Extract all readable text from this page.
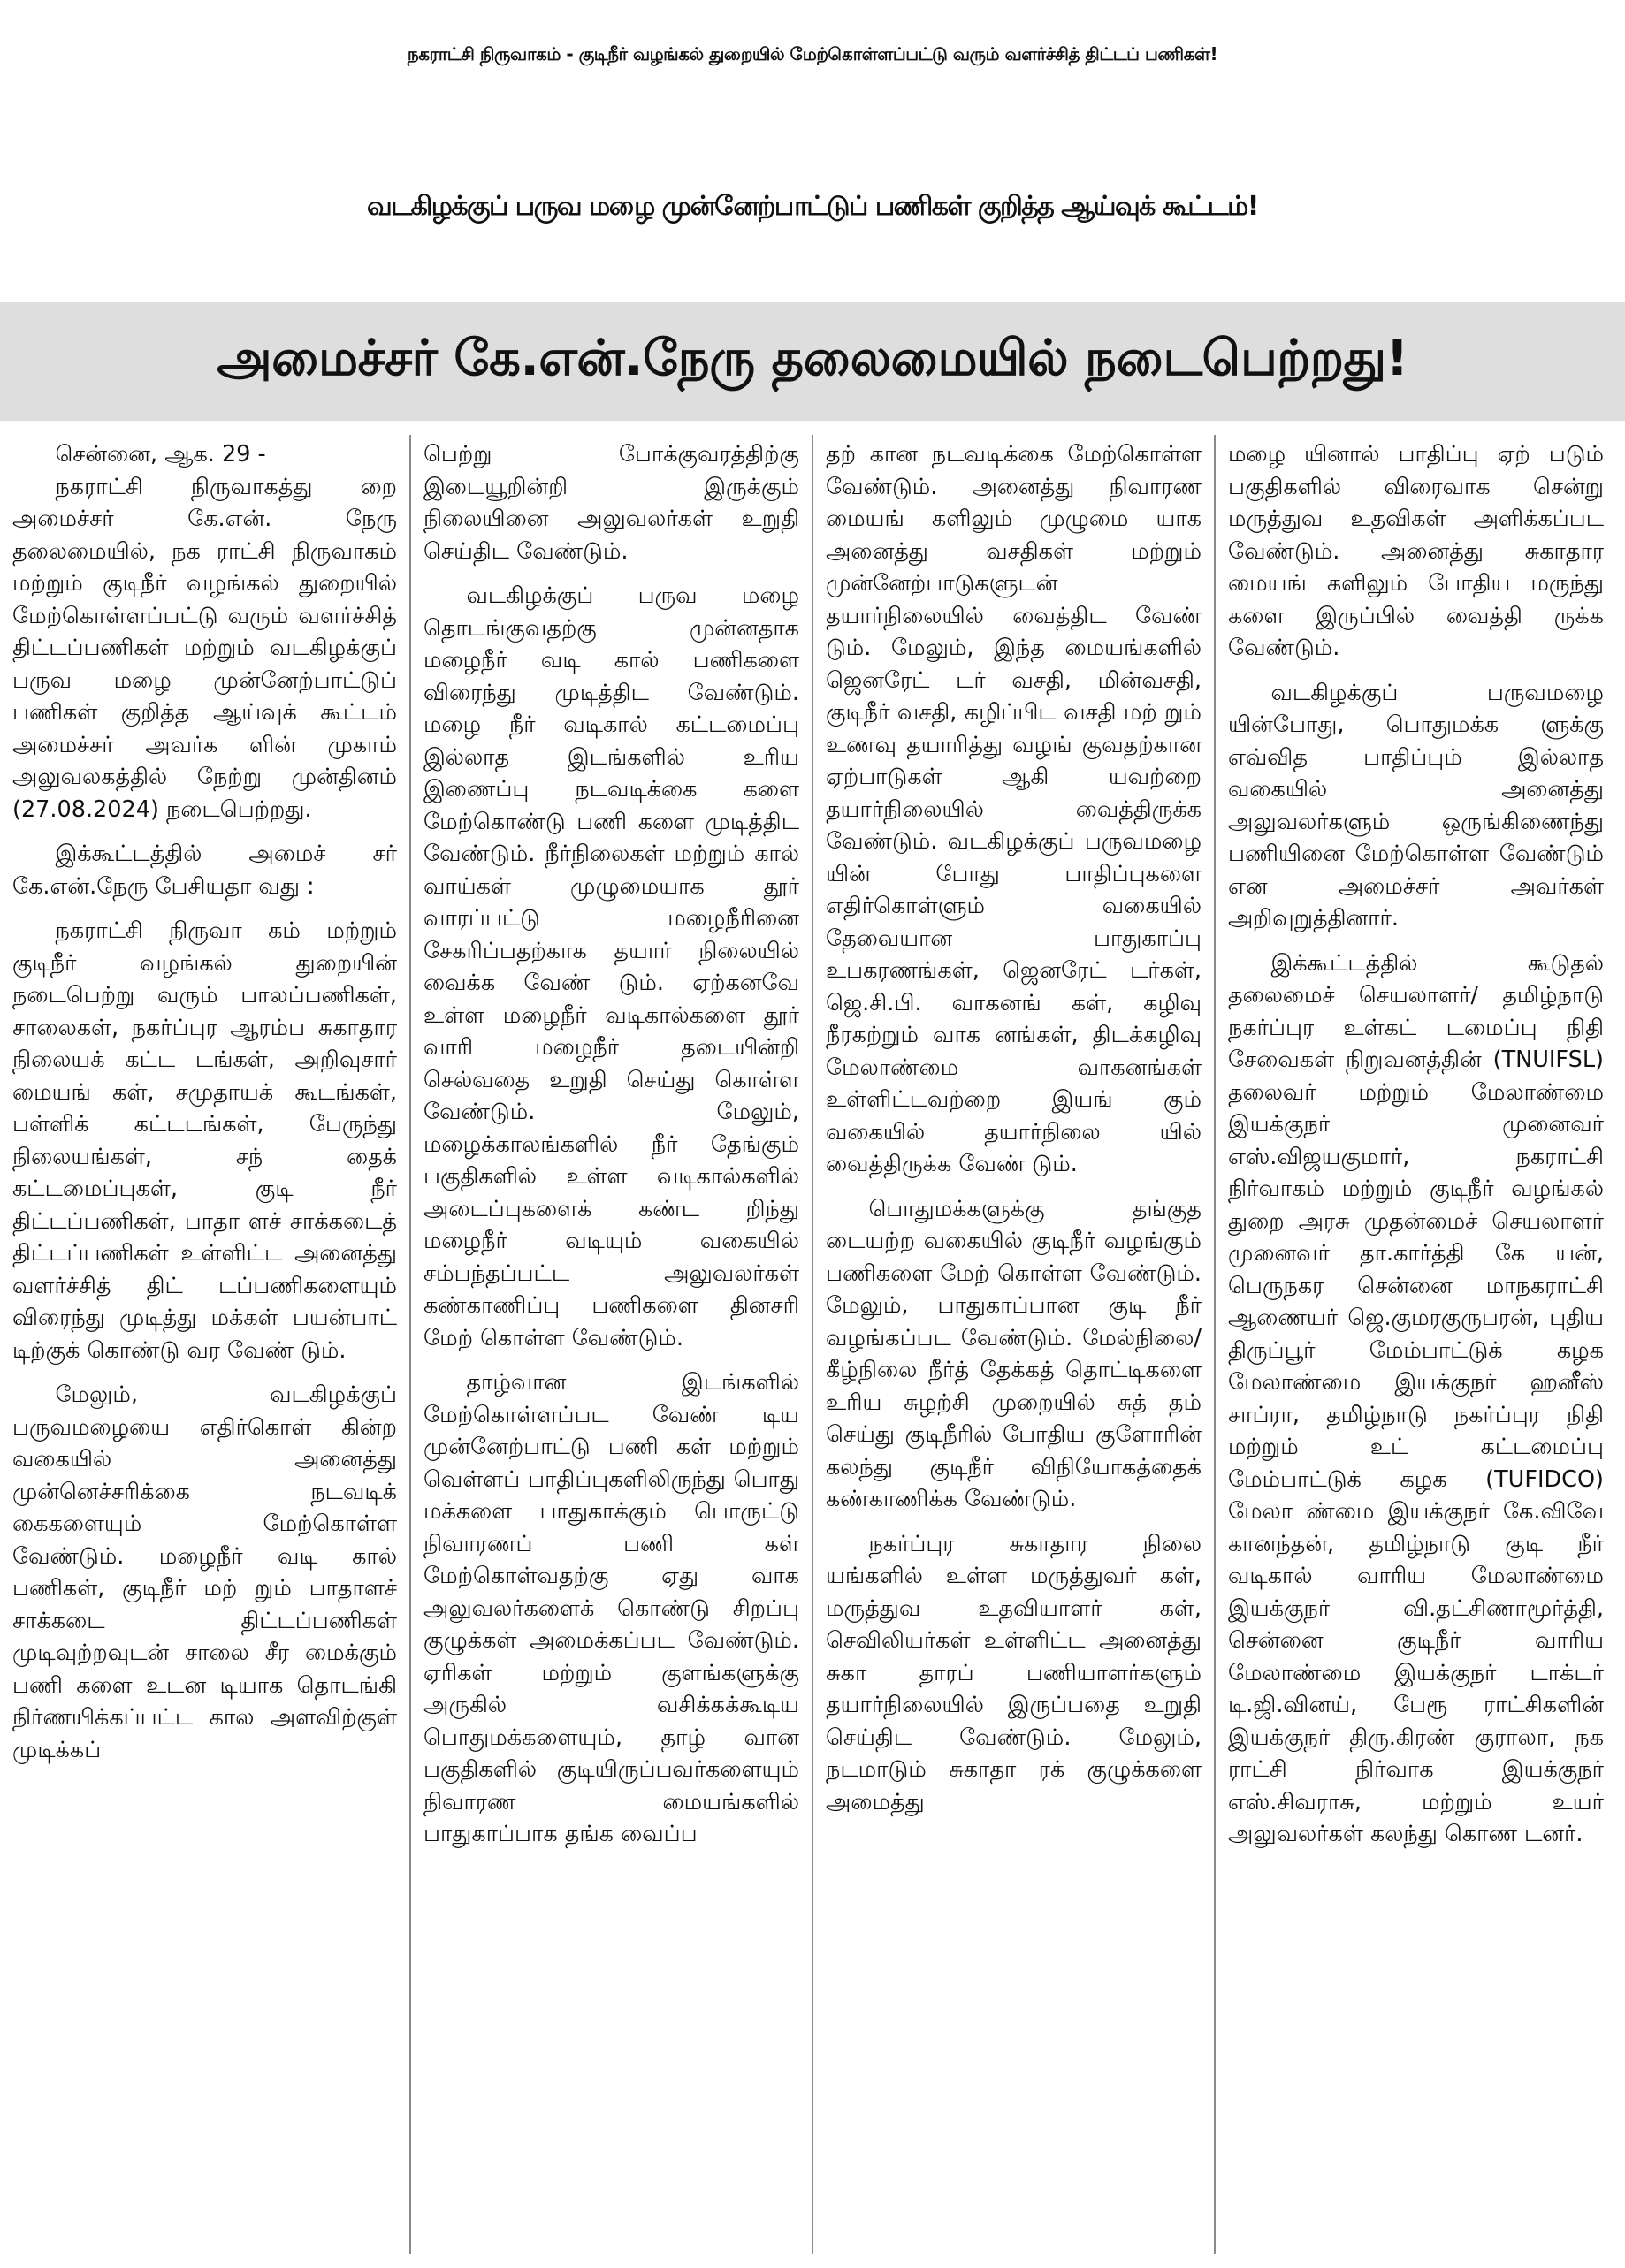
நகராட்சி நிருவாகம் - குடிநீர் வழங்கல் துறையில் மேற்கொள்ளப்பட்டு வரும் வளர்ச்சித் திட்டப் பணிகள்!
வடகிழக்குப் பருவ மழை முன்னேற்பாட்டுப் பணிகள் குறித்த ஆய்வுக் கூட்டம்!
அமைச்சர் கே.என்.நேரு தலைமையில் நடைபெற்றது!

சென்னை, ஆக. 29 -

நகராட்சி நிருவாகத்து றை அமைச்சர் கே.என். நேரு தலைமையில், நக ராட்சி நிருவாகம் மற்றும் குடிநீர் வழங்கல் துறையில் மேற்கொள்ளப்பட்டு வரும் வளர்ச்சித் திட்டப்பணிகள் மற்றும் வடகிழக்குப் பருவ மழை முன்னேற்பாட்டுப் பணிகள் குறித்த ஆய்வுக் கூட்டம் அமைச்சர் அவர்க ளின் முகாம் அலுவலகத்தில் நேற்று முன்தினம் (27.08.2024) நடைபெற்றது.

இக்கூட்டத்தில் அமைச் சர் கே.என்.நேரு பேசியதா வது :

நகராட்சி நிருவா கம் மற்றும் குடிநீர் வழங்கல் துறையின் நடைபெற்று வரும் பாலப்பணிகள், சாலைகள், நகர்ப்புர ஆரம்ப சுகாதார நிலையக் கட்ட டங்கள், அறிவுசார் மையங் கள், சமுதாயக் கூடங்கள், பள்ளிக் கட்டடங்கள், பேருந்து நிலையங்கள், சந் தைக் கட்டமைப்புகள், குடி நீர் திட்டப்பணிகள், பாதா ளச் சாக்கடைத் திட்டப்பணிகள் உள்ளிட்ட அனைத்து வளர்ச்சித் திட் டப்பணிகளையும் விரைந்து முடித்து மக்கள் பயன்பாட் டிற்குக் கொண்டு வர வேண் டும்.

மேலும், வடகிழக்குப் பருவமழையை எதிர்கொள் கின்ற வகையில் அனைத்து முன்னெச்சரிக்கை நடவடிக் கைகளையும் மேற்கொள்ள வேண்டும். மழைநீர் வடி கால் பணிகள், குடிநீர் மற் றும் பாதாளச் சாக்கடை திட்டப்பணிகள் முடிவுற்றவுடன் சாலை சீர மைக்கும் பணி களை உடன டியாக தொடங்கி நிர்ணயிக்கப்பட்ட கால அளவிற்குள் முடிக்கப்

பெற்று போக்குவரத்திற்கு இடையூறின்றி இருக்கும் நிலையினை அலுவலர்கள் உறுதி செய்திட வேண்டும்.

வடகிழக்குப் பருவ மழை தொடங்குவதற்கு முன்னதாக மழைநீர் வடி கால் பணிகளை விரைந்து முடித்திட வேண்டும். மழை நீர் வடிகால் கட்டமைப்பு இல்லாத இடங்களில் உரிய இணைப்பு நடவடிக்கை களை மேற்கொண்டு பணி களை முடித்திட வேண்டும். நீர்நிலைகள் மற்றும் கால் வாய்கள் முழுமையாக தூர் வாரப்பட்டு மழைநீரினை சேகரிப்பதற்காக தயார் நிலையில் வைக்க வேண் டும். ஏற்கனவே உள்ள மழைநீர் வடிகால்களை தூர் வாரி மழைநீர் தடையின்றி செல்வதை உறுதி செய்து கொள்ள வேண்டும். மேலும், மழைக்காலங்களில் நீர் தேங்கும் பகுதிகளில் உள்ள வடிகால்களில் அடைப்புகளைக் கண்ட றிந்து மழைநீர் வடியும் வகையில் சம்பந்தப்பட்ட அலுவலர்கள் கண்காணிப்பு பணிகளை தினசரி மேற் கொள்ள வேண்டும்.

தாழ்வான இடங்களில் மேற்கொள்ளப்பட வேண் டிய முன்னேற்பாட்டு பணி கள் மற்றும் வெள்ளப் பாதிப்புகளிலிருந்து பொது மக்களை பாதுகாக்கும் பொருட்டு நிவாரணப் பணி கள் மேற்கொள்வதற்கு ஏது வாக அலுவலர்களைக் கொண்டு சிறப்பு குழுக்கள் அமைக்கப்பட வேண்டும். ஏரிகள் மற்றும் குளங்களுக்கு அருகில் வசிக்கக்கூடிய பொதுமக்களையும், தாழ் வான பகுதிகளில் குடியிருப்பவர்களையும் நிவாரண மையங்களில் பாதுகாப்பாக தங்க வைப்ப

தற் கான நடவடிக்கை மேற்கொள்ள வேண்டும். அனைத்து நிவாரண மையங் களிலும் முழுமை யாக அனைத்து வசதிகள் மற்றும் முன்னேற்பாடுகளுடன் தயார்நிலையில் வைத்திட வேண் டும். மேலும், இந்த மையங்களில் ஜெனரேட் டர் வசதி, மின்வசதி, குடிநீர் வசதி, கழிப்பிட வசதி மற் றும் உணவு தயாரித்து வழங் குவதற்கான ஏற்பாடுகள் ஆகி யவற்றை தயார்நிலையில் வைத்திருக்க வேண்டும். வடகிழக்குப் பருவமழை யின் போது பாதிப்புகளை எதிர்கொள்ளும் வகையில் தேவையான பாதுகாப்பு உபகரணங்கள், ஜெனரேட் டர்கள், ஜெ.சி.பி. வாகனங் கள், கழிவு நீரகற்றும் வாக னங்கள், திடக்கழிவு மேலாண்மை வாகனங்கள் உள்ளிட்டவற்றை இயங் கும் வகையில் தயார்நிலை யில் வைத்திருக்க வேண் டும்.

பொதுமக்களுக்கு தங்குத டையற்ற வகையில் குடிநீர் வழங்கும் பணிகளை மேற் கொள்ள வேண்டும். மேலும், பாதுகாப்பான குடி நீர் வழங்கப்பட வேண்டும். மேல்நிலை/ கீழ்நிலை நீர்த் தேக்கத் தொட்டிகளை உரிய சுழற்சி முறையில் சுத் தம் செய்து குடிநீரில் போதிய குளோரின் கலந்து குடிநீர் விநியோகத்தைக் கண்காணிக்க வேண்டும்.

நகர்ப்புர சுகாதார நிலை யங்களில் உள்ள மருத்துவர் கள், மருத்துவ உதவியாளர் கள், செவிலியர்கள் உள்ளிட்ட அனைத்து சுகா தாரப் பணியாளர்களும் தயார்நிலையில் இருப்பதை உறுதி செய்திட வேண்டும். மேலும், நடமாடும் சுகாதா ரக் குழுக்களை அமைத்து

மழை யினால் பாதிப்பு ஏற் படும் பகுதிகளில் விரைவாக சென்று மருத்துவ உதவிகள் அளிக்கப்பட வேண்டும். அனைத்து சுகாதார மையங் களிலும் போதிய மருந்து களை இருப்பில் வைத்தி ருக்க வேண்டும்.

வடகிழக்குப் பருவமழை யின்போது, பொதுமக்க ளுக்கு எவ்வித பாதிப்பும் இல்லாத வகையில் அனைத்து அலுவலர்களும் ஒருங்கிணைந்து பணியினை மேற்கொள்ள வேண்டும் என அமைச்சர் அவர்கள் அறிவுறுத்தினார்.

இக்கூட்டத்தில் கூடுதல் தலைமைச் செயலாளர்/ தமிழ்நாடு நகர்ப்புர உள்கட் டமைப்பு நிதி சேவைகள் நிறுவனத்தின் (TNUIFSL) தலைவர் மற்றும் மேலாண்மை இயக்குநர் முனைவர் எஸ்.விஜயகுமார், நகராட்சி நிர்வாகம் மற்றும் குடிநீர் வழங்கல் துறை அரசு முதன்மைச் செயலாளர் முனைவர் தா.கார்த்தி கே யன், பெருநகர சென்னை மாநகராட்சி ஆணையர் ஜெ.குமரகுருபரன், புதிய திருப்பூர் மேம்பாட்டுக் கழக மேலாண்மை இயக்குநர் ஹனீஸ் சாப்ரா, தமிழ்நாடு நகர்ப்புர நிதி மற்றும் உட் கட்டமைப்பு மேம்பாட்டுக் கழக (TUFIDCO) மேலா ண்மை இயக்குநர் கே.விவே கானந்தன், தமிழ்நாடு குடி நீர் வடிகால் வாரிய மேலாண்மை இயக்குநர் வி.தட்சிணாமூர்த்தி, சென்னை குடிநீர் வாரிய மேலாண்மை இயக்குநர் டாக்டர் டி.ஜி.வினய், பேரூ ராட்சிகளின் இயக்குநர் திரு.கிரண் குராலா, நக ராட்சி நிர்வாக இயக்குநர் எஸ்.சிவராசு, மற்றும் உயர் அலுவலர்கள் கலந்து கொண டனர்.
